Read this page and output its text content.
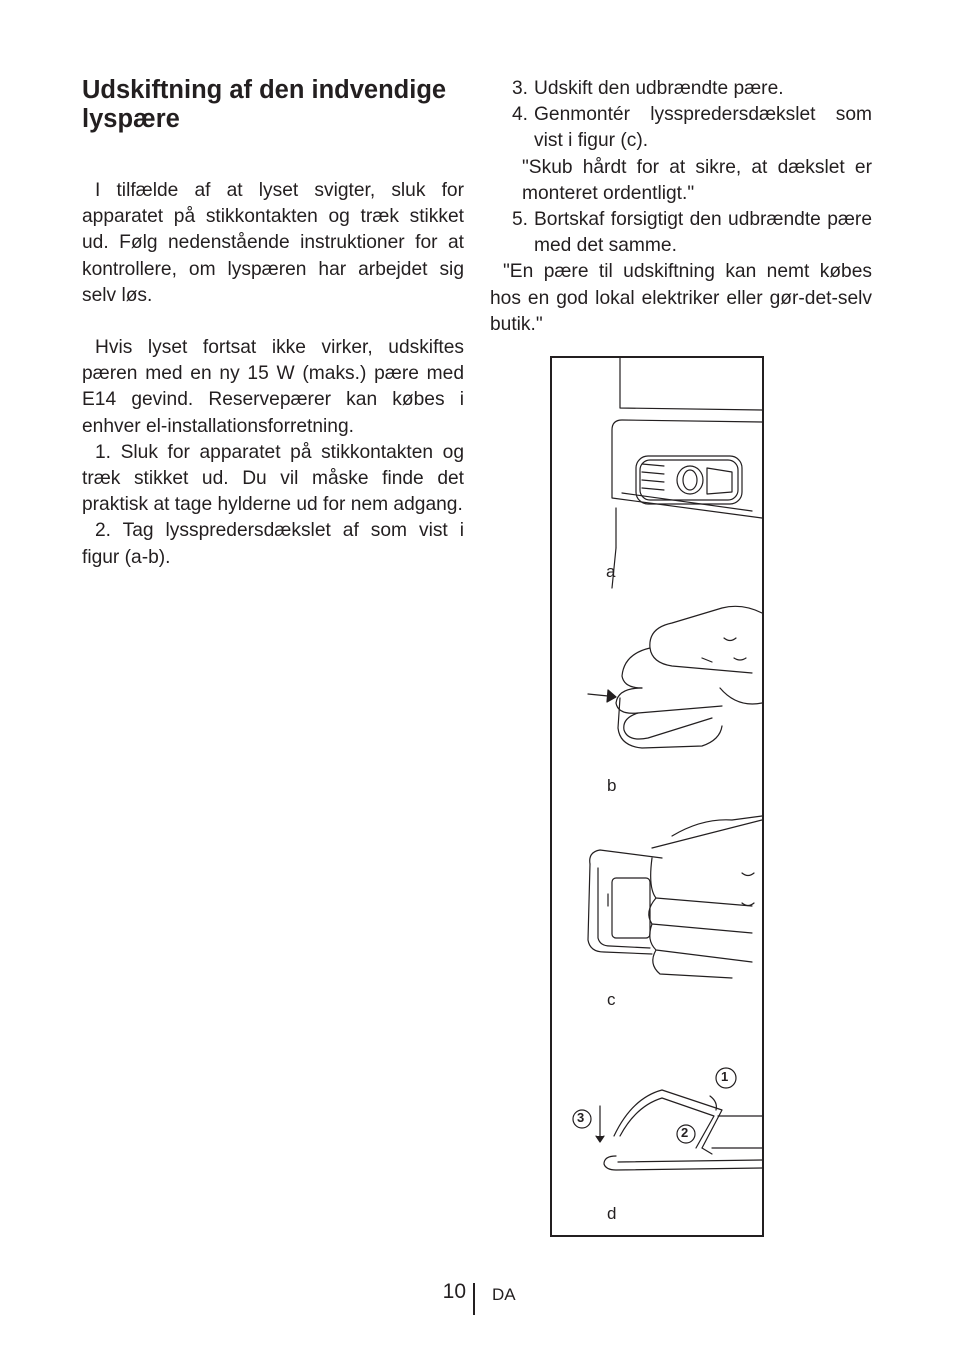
Udskiftning af den indvendige lyspære

I tilfælde af at lyset svigter, sluk for apparatet på stikkontakten og træk stikket ud. Følg nedenstående instruktioner for at kontrollere, om lyspæren har arbejdet sig selv løs.

Hvis lyset fortsat ikke virker, udskiftes pæren med en ny 15 W (maks.) pære med E14 gevind. Reservepærer kan købes i enhver el-installationsforretning.

1. Sluk for apparatet på stikkontakten og træk stikket ud. Du vil måske finde det praktisk at tage hylderne ud for nem adgang.

2. Tag lysspredersdækslet af som vist i figur (a-b).

3. Udskift den udbrændte pære.
4. Genmontér lysspredersdækslet som vist i figur (c).

"Skub hårdt for at sikre, at dækslet er monteret ordentligt."

5. Bortskaf forsigtigt den udbrændte pære med det samme.

"En pære til udskiftning kan nemt købes hos en god lokal elektriker eller gør-det-selv butik."

a
b
c
d
1
2
3
10 DA
